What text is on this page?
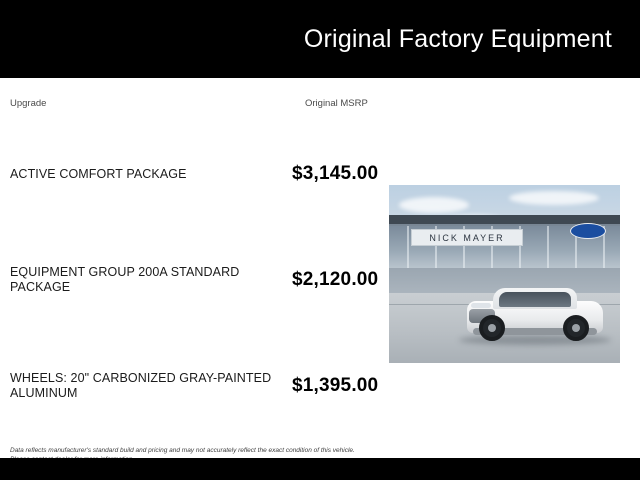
Original Factory Equipment
Upgrade	Original MSRP
ACTIVE COMFORT PACKAGE	$3,145.00
EQUIPMENT GROUP 200A STANDARD PACKAGE	$2,120.00
WHEELS: 20" CARBONIZED GRAY-PAINTED ALUMINUM	$1,395.00
Data reflects manufacturer's standard build and pricing and may not accurately reflect the exact condition of this vehicle.
NICK MAYER
